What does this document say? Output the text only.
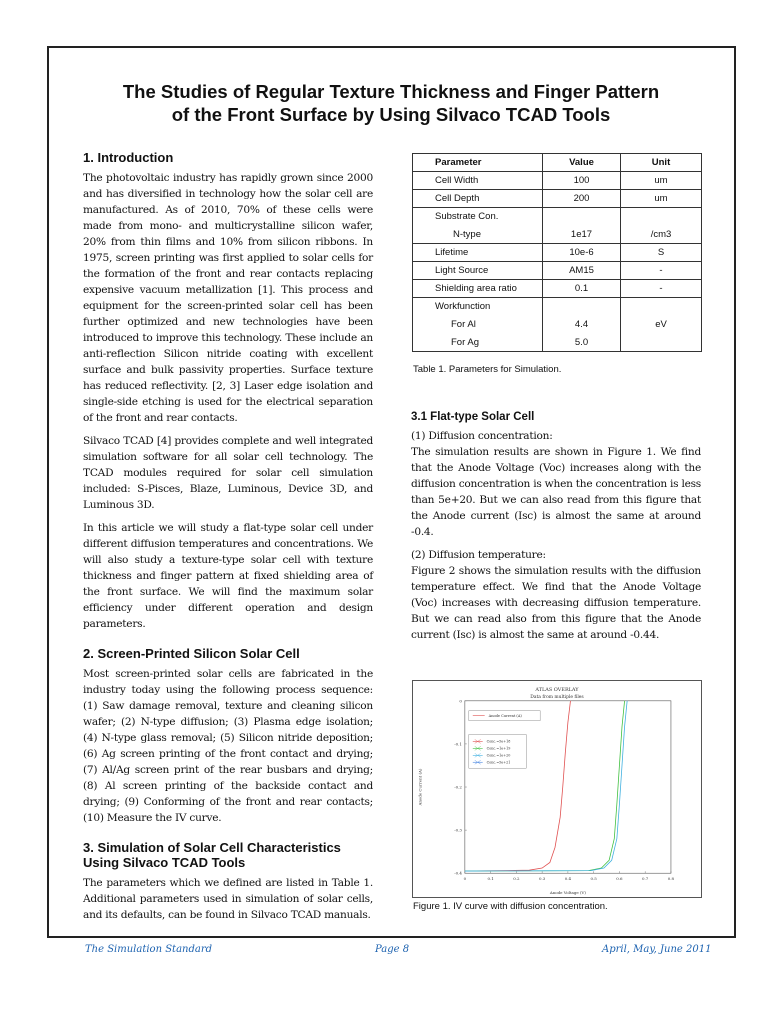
The Studies of Regular Texture Thickness and Finger Pattern
of the Front Surface by Using Silvaco TCAD Tools
1. Introduction

The photovoltaic industry has rapidly grown since 2000 and has diversified in technology how the solar cell are manufactured. As of 2010, 70% of these cells were made from mono- and multicrystalline silicon wafer, 20% from thin films and 10% from silicon ribbons. In 1975, screen printing was first applied to solar cells for the formation of the front and rear contacts replacing expensive vacuum metallization [1]. This process and equipment for the screen-printed solar cell has been further optimized and new technologies have been introduced to improve this technology. These include an anti-reflection Silicon nitride coating with excellent surface and bulk passivity properties. Surface texture has reduced reflectivity. [2, 3] Laser edge isolation and single-side etching is used for the electrical separation of the front and rear contacts.

Silvaco TCAD [4] provides complete and well integrated simulation software for all solar cell technology. The TCAD modules required for solar cell simulation included: S-Pisces, Blaze, Luminous, Device 3D, and Luminous 3D.

In this article we will study a flat-type solar cell under different diffusion temperatures and concentrations. We will also study a texture-type solar cell with texture thickness and finger pattern at fixed shielding area of the front surface. We will find the maximum solar efficiency under different operation and design parameters.

2. Screen-Printed Silicon Solar Cell

Most screen-printed solar cells are fabricated in the industry today using the following process sequence: (1) Saw damage removal, texture and cleaning silicon wafer; (2) N-type diffusion; (3) Plasma edge isolation; (4) N-type glass removal; (5) Silicon nitride deposition; (6) Ag screen printing of the front contact and drying; (7) Al/Ag screen print of the rear busbars and drying; (8) Al screen printing of the backside contact and drying; (9) Conforming of the front and rear contacts; (10) Measure the IV curve.

3. Simulation of Solar Cell Characteristics Using Silvaco TCAD Tools

The parameters which we defined are listed in Table 1. Additional parameters used in simulation of solar cells, and its defaults, can be found in Silvaco TCAD manuals.

Parameter	Value	Unit
Cell Width	100	um
Cell Depth	200	um
Substrate Con.		
N-type	1e17	/cm3
Lifetime	10e-6	S
Light Source	AM15	-
Shielding area ratio	0.1	-
Workfunction		
For Al	4.4	eV
For Ag	5.0	
Table 1. Parameters for Simulation.
3.1 Flat-type Solar Cell

(1) Diffusion concentration:

The simulation results are shown in Figure 1. We find that the Anode Voltage (Voc) increases along with the diffusion concentration is when the concentration is less than 5e+20. But we can also read from this figure that the Anode current (Isc) is almost the same at around -0.4.

(2) Diffusion temperature:

Figure 2 shows the simulation results with the diffusion temperature effect. We find that the Anode Voltage (Voc) increases with decreasing diffusion temperature. But we can read also from this figure that the Anode current (Isc) is almost the same at around -0.44.

ATLAS OVERLAY
Data from multiple files
0	0.1	0.2	0.3	0.4	0.5	0.6	0.7	0.8
0
-0.1
-0.2
-0.3
-0.4
Anode Current (A)
Conc.=5e+18
Conc.=1e+19
Conc.=1e+20
Conc.=5e+21
Anode Voltage (V)
Anode Current (A)
Figure 1. IV curve with diffusion concentration.
The Simulation Standard	Page 8	April, May, June 2011
